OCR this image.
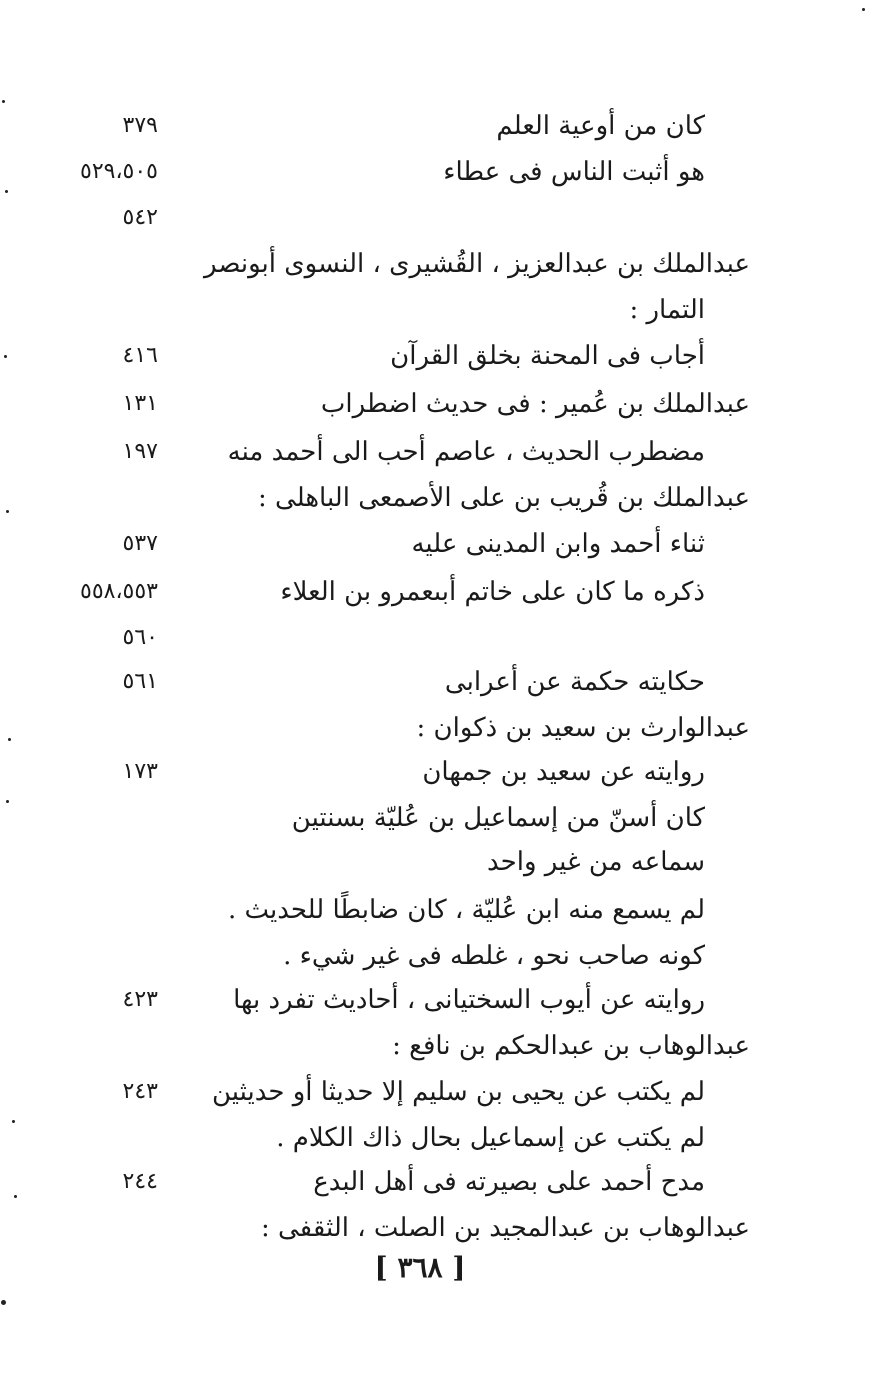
كان من أوعية العلم
٣٧٩
هو أثبت الناس فى عطاء
٥٢٩،٥٠٥
٥٤٢
عبدالملك بن عبدالعزيز ، القُشيرى ، النسوى أبونصر
التمار :
أجاب فى المحنة بخلق القرآن
٤١٦
عبدالملك بن عُمير : فى حديث اضطراب
١٣١
مضطرب الحديث ، عاصم أحب الى أحمد منه
١٩٧
عبدالملك بن قُريب بن على الأصمعى الباهلى :
ثناء أحمد وابن المدينى عليه
٥٣٧
ذكره ما كان على خاتم أبىعمرو بن العلاء
٥٥٨،٥٥٣
٥٦٠
حكايته حكمة عن أعرابى
٥٦١
عبدالوارث بن سعيد بن ذكوان :
روايته عن سعيد بن جمهان
١٧٣
كان أسنّ من إسماعيل بن عُليّة بسنتين
سماعه من غير واحد
لم يسمع منه ابن عُليّة ، كان ضابطًا للحديث .
كونه صاحب نحو ، غلطه فى غير شيء .
روايته عن أيوب السختيانى ، أحاديث تفرد بها
٤٢٣
عبدالوهاب بن عبدالحكم بن نافع :
لم يكتب عن يحيى بن سليم إلا حديثا أو حديثين
٢٤٣
لم يكتب عن إسماعيل بحال ذاك الكلام .
مدح أحمد على بصيرته فى أهل البدع
٢٤٤
عبدالوهاب بن عبدالمجيد بن الصلت ، الثقفى :
[ ٣٦٨ ]
